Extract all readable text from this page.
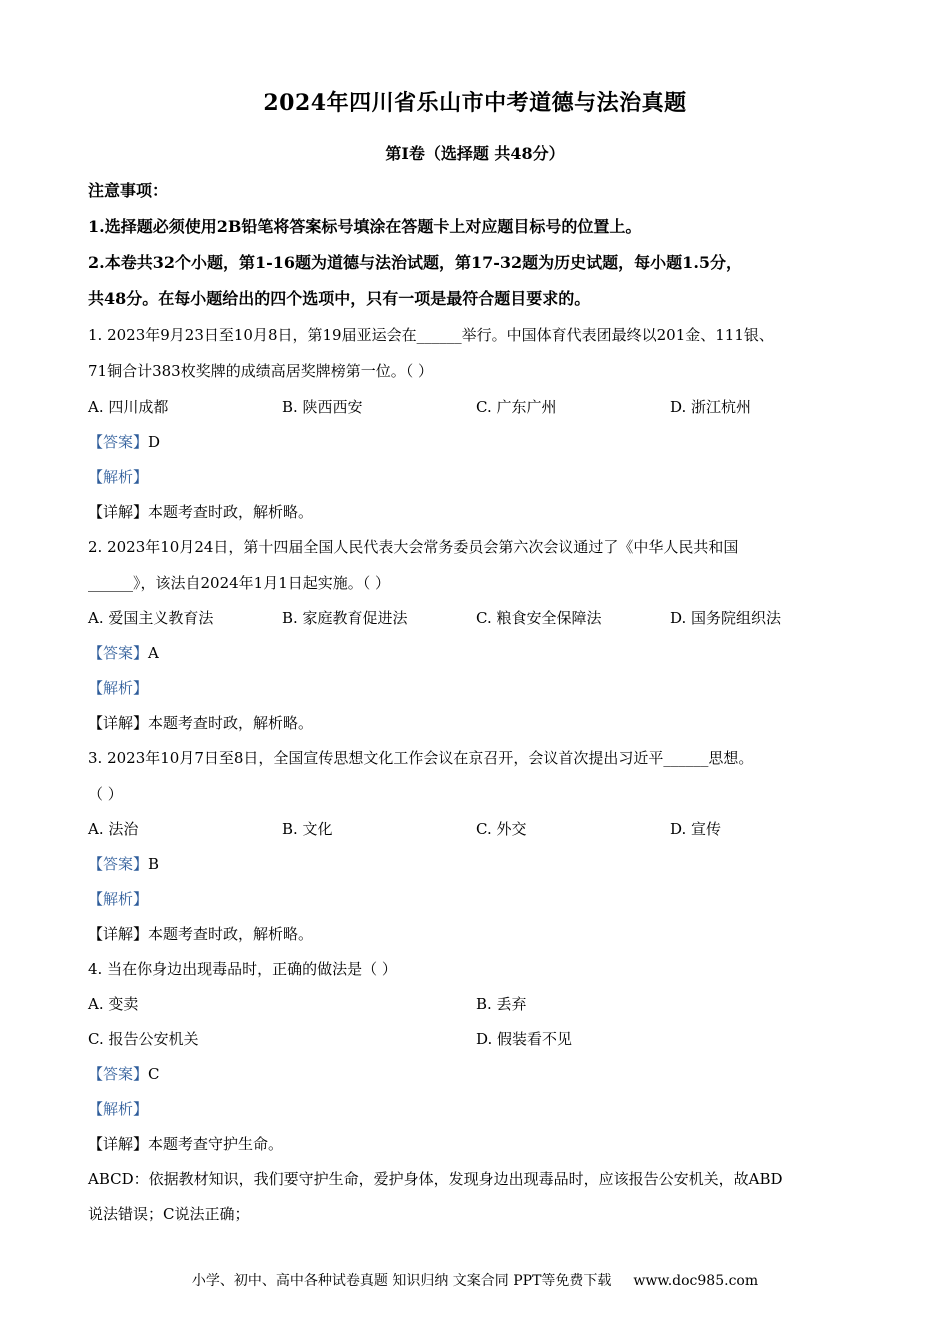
2024年四川省乐山市中考道德与法治真题
第Ⅰ卷（选择题 共48分）
注意事项：
1.选择题必须使用2B铅笔将答案标号填涂在答题卡上对应题目标号的位置上。
2.本卷共32个小题，第1-16题为道德与法治试题，第17-32题为历史试题，每小题1.5分，
共48分。在每小题给出的四个选项中，只有一项是最符合题目要求的。
1. 2023年9月23日至10月8日，第19届亚运会在______举行。中国体育代表团最终以201金、111银、
71铜合计383枚奖牌的成绩高居奖牌榜第一位。（ ）
A. 四川成都	B. 陕西西安	C. 广东广州	D. 浙江杭州
【答案】D
【解析】
【详解】本题考查时政，解析略。
2. 2023年10月24日，第十四届全国人民代表大会常务委员会第六次会议通过了《中华人民共和国
______》，该法自2024年1月1日起实施。（ ）
A. 爱国主义教育法	B. 家庭教育促进法	C. 粮食安全保障法	D. 国务院组织法
【答案】A
【解析】
【详解】本题考查时政，解析略。
3. 2023年10月7日至8日，全国宣传思想文化工作会议在京召开，会议首次提出习近平______思想。
（ ）
A. 法治	B. 文化	C. 外交	D. 宣传
【答案】B
【解析】
【详解】本题考查时政，解析略。
4. 当在你身边出现毒品时，正确的做法是（ ）
A. 变卖	B. 丢弃
C. 报告公安机关	D. 假装看不见
【答案】C
【解析】
【详解】本题考查守护生命。
ABCD：依据教材知识，我们要守护生命，爱护身体，发现身边出现毒品时，应该报告公安机关，故ABD
说法错误；C说法正确；
小学、初中、高中各种试卷真题 知识归纳 文案合同 PPT等免费下载 www.doc985.com
